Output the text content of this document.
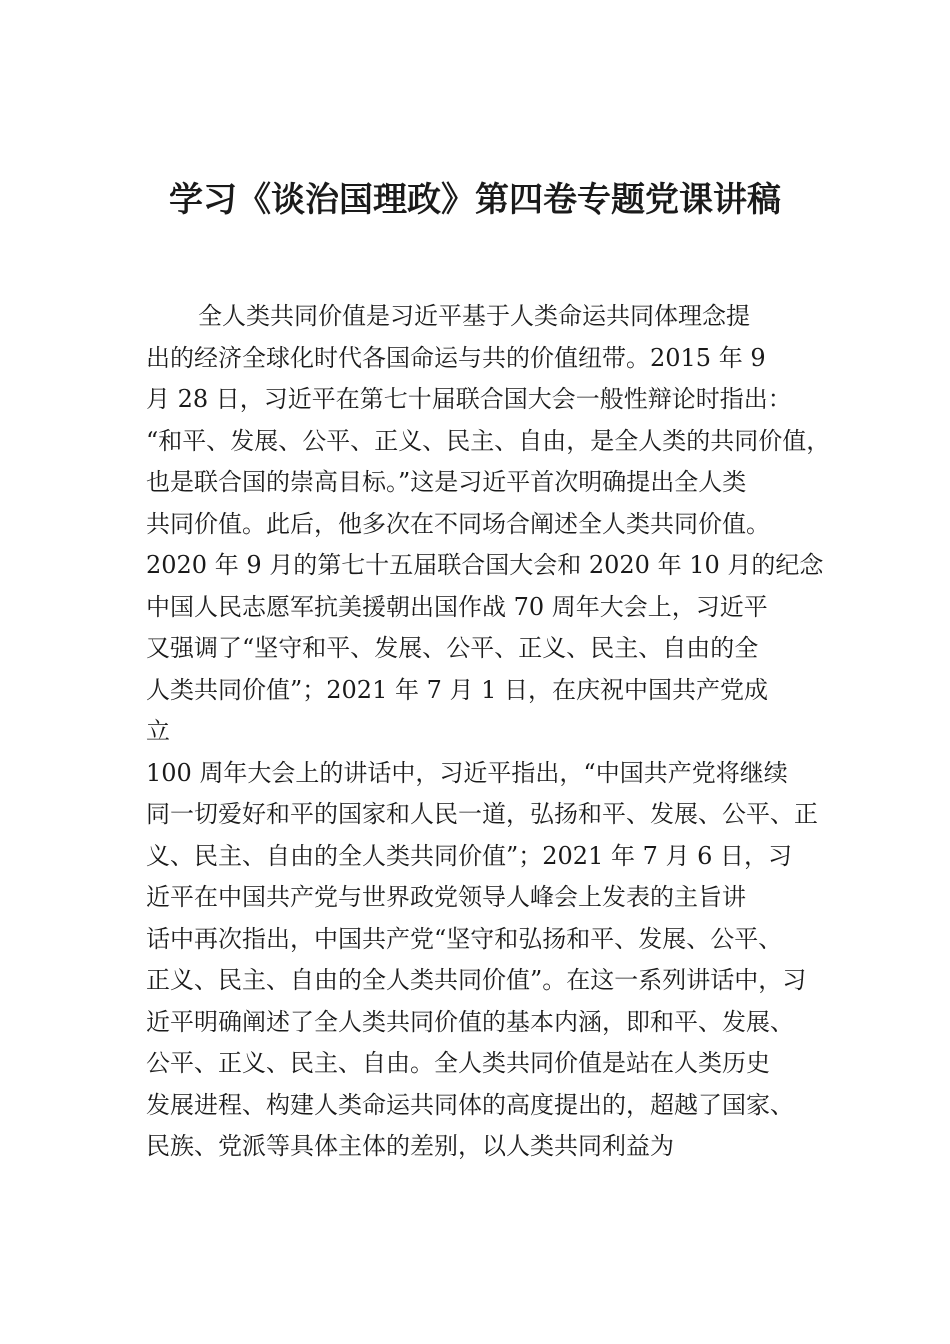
学习《谈治国理政》第四卷专题党课讲稿
全人类共同价值是习近平基于人类命运共同体理念提
出的经济全球化时代各国命运与共的价值纽带。2015 年 9
月 28 日，习近平在第七十届联合国大会一般性辩论时指出：
“和平、发展、公平、正义、民主、自由，是全人类的共同价值，
也是联合国的崇高目标。”这是习近平首次明确提出全人类
共同价值。此后，他多次在不同场合阐述全人类共同价值。
2020 年 9 月的第七十五届联合国大会和 2020 年 10 月的纪念
中国人民志愿军抗美援朝出国作战 70 周年大会上，习近平
又强调了“坚守和平、发展、公平、正义、民主、自由的全
人类共同价值”；2021 年 7 月 1 日，在庆祝中国共产党成
立
100 周年大会上的讲话中，习近平指出，“中国共产党将继续
同一切爱好和平的国家和人民一道，弘扬和平、发展、公平、正
义、民主、自由的全人类共同价值”；2021 年 7 月 6 日，习
近平在中国共产党与世界政党领导人峰会上发表的主旨讲
话中再次指出，中国共产党“坚守和弘扬和平、发展、公平、
正义、民主、自由的全人类共同价值”。在这一系列讲话中，习
近平明确阐述了全人类共同价值的基本内涵，即和平、发展、
公平、正义、民主、自由。全人类共同价值是站在人类历史
发展进程、构建人类命运共同体的高度提出的，超越了国家、
民族、党派等具体主体的差别，以人类共同利益为
